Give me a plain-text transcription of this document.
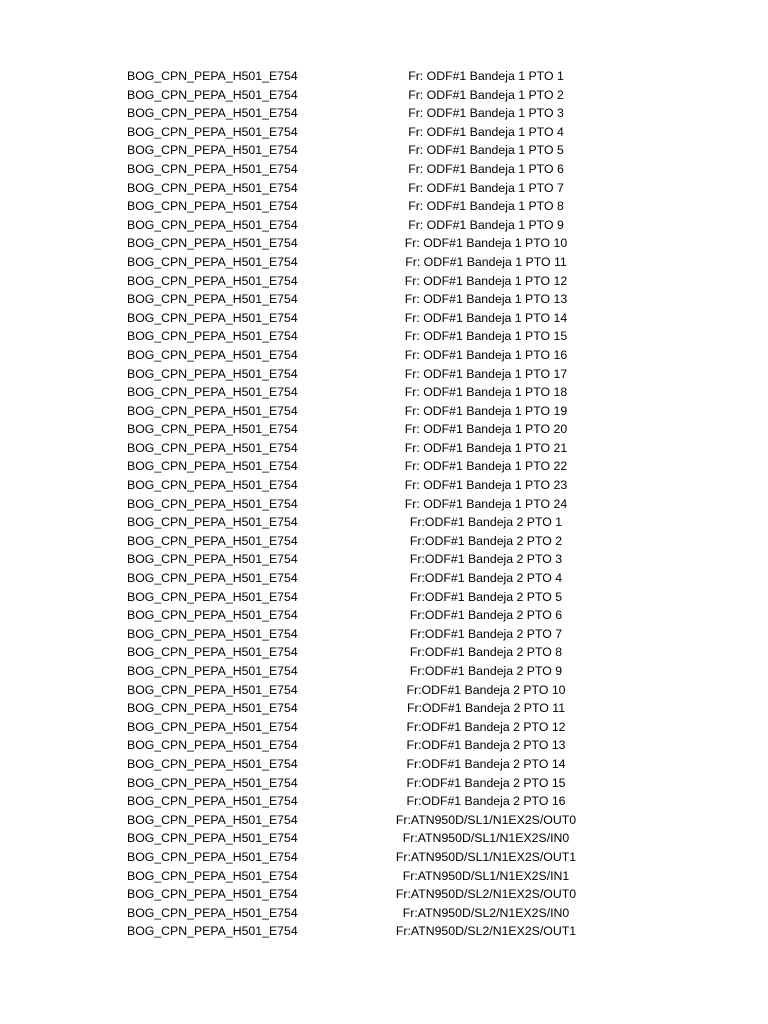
BOG_CPN_PEPA_H501_E754	Fr: ODF#1 Bandeja 1 PTO 1
BOG_CPN_PEPA_H501_E754	Fr: ODF#1 Bandeja 1 PTO 2
BOG_CPN_PEPA_H501_E754	Fr: ODF#1 Bandeja 1 PTO 3
BOG_CPN_PEPA_H501_E754	Fr: ODF#1 Bandeja 1 PTO 4
BOG_CPN_PEPA_H501_E754	Fr: ODF#1 Bandeja 1 PTO 5
BOG_CPN_PEPA_H501_E754	Fr: ODF#1 Bandeja 1 PTO 6
BOG_CPN_PEPA_H501_E754	Fr: ODF#1 Bandeja 1 PTO 7
BOG_CPN_PEPA_H501_E754	Fr: ODF#1 Bandeja 1 PTO 8
BOG_CPN_PEPA_H501_E754	Fr: ODF#1 Bandeja 1 PTO 9
BOG_CPN_PEPA_H501_E754	Fr: ODF#1 Bandeja 1 PTO 10
BOG_CPN_PEPA_H501_E754	Fr: ODF#1 Bandeja 1 PTO 11
BOG_CPN_PEPA_H501_E754	Fr: ODF#1 Bandeja 1 PTO 12
BOG_CPN_PEPA_H501_E754	Fr: ODF#1 Bandeja 1 PTO 13
BOG_CPN_PEPA_H501_E754	Fr: ODF#1 Bandeja 1 PTO 14
BOG_CPN_PEPA_H501_E754	Fr: ODF#1 Bandeja 1 PTO 15
BOG_CPN_PEPA_H501_E754	Fr: ODF#1 Bandeja 1 PTO 16
BOG_CPN_PEPA_H501_E754	Fr: ODF#1 Bandeja 1 PTO 17
BOG_CPN_PEPA_H501_E754	Fr: ODF#1 Bandeja 1 PTO 18
BOG_CPN_PEPA_H501_E754	Fr: ODF#1 Bandeja 1 PTO 19
BOG_CPN_PEPA_H501_E754	Fr: ODF#1 Bandeja 1 PTO 20
BOG_CPN_PEPA_H501_E754	Fr: ODF#1 Bandeja 1 PTO 21
BOG_CPN_PEPA_H501_E754	Fr: ODF#1 Bandeja 1 PTO 22
BOG_CPN_PEPA_H501_E754	Fr: ODF#1 Bandeja 1 PTO 23
BOG_CPN_PEPA_H501_E754	Fr: ODF#1 Bandeja 1 PTO 24
BOG_CPN_PEPA_H501_E754	Fr:ODF#1 Bandeja 2 PTO 1
BOG_CPN_PEPA_H501_E754	Fr:ODF#1 Bandeja 2 PTO 2
BOG_CPN_PEPA_H501_E754	Fr:ODF#1 Bandeja 2 PTO 3
BOG_CPN_PEPA_H501_E754	Fr:ODF#1 Bandeja 2 PTO 4
BOG_CPN_PEPA_H501_E754	Fr:ODF#1 Bandeja 2 PTO 5
BOG_CPN_PEPA_H501_E754	Fr:ODF#1 Bandeja 2 PTO 6
BOG_CPN_PEPA_H501_E754	Fr:ODF#1 Bandeja 2 PTO 7
BOG_CPN_PEPA_H501_E754	Fr:ODF#1 Bandeja 2 PTO 8
BOG_CPN_PEPA_H501_E754	Fr:ODF#1 Bandeja 2 PTO 9
BOG_CPN_PEPA_H501_E754	Fr:ODF#1 Bandeja 2 PTO 10
BOG_CPN_PEPA_H501_E754	Fr:ODF#1 Bandeja 2 PTO 11
BOG_CPN_PEPA_H501_E754	Fr:ODF#1 Bandeja 2 PTO 12
BOG_CPN_PEPA_H501_E754	Fr:ODF#1 Bandeja 2 PTO 13
BOG_CPN_PEPA_H501_E754	Fr:ODF#1 Bandeja 2 PTO 14
BOG_CPN_PEPA_H501_E754	Fr:ODF#1 Bandeja 2 PTO 15
BOG_CPN_PEPA_H501_E754	Fr:ODF#1 Bandeja 2 PTO 16
BOG_CPN_PEPA_H501_E754	Fr:ATN950D/SL1/N1EX2S/OUT0
BOG_CPN_PEPA_H501_E754	Fr:ATN950D/SL1/N1EX2S/IN0
BOG_CPN_PEPA_H501_E754	Fr:ATN950D/SL1/N1EX2S/OUT1
BOG_CPN_PEPA_H501_E754	Fr:ATN950D/SL1/N1EX2S/IN1
BOG_CPN_PEPA_H501_E754	Fr:ATN950D/SL2/N1EX2S/OUT0
BOG_CPN_PEPA_H501_E754	Fr:ATN950D/SL2/N1EX2S/IN0
BOG_CPN_PEPA_H501_E754	Fr:ATN950D/SL2/N1EX2S/OUT1
